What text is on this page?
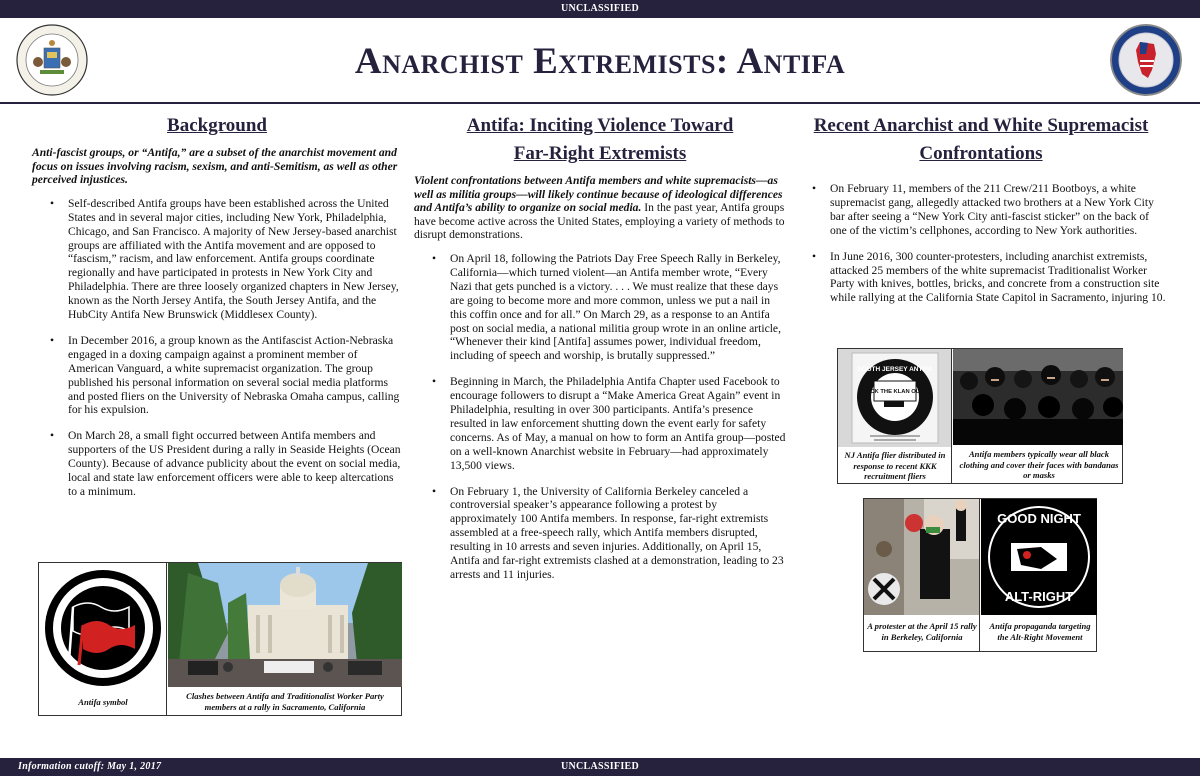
UNCLASSIFIED
Anarchist Extremists: Antifa
Background

Anti-fascist groups, or “Antifa,” are a subset of the anarchist movement and focus on issues involving racism, sexism, and anti-Semitism, as well as other perceived injustices.

• Self-described Antifa groups have been established across the United States and in several major cities, including New York, Philadelphia, Chicago, and San Francisco. A majority of New Jersey-based anarchist groups are affiliated with the Antifa movement and are opposed to “fascism,” racism, and law enforcement. Antifa groups coordinate regionally and have participated in protests in New York City and Philadelphia. There are three loosely organized chapters in New Jersey, known as the North Jersey Antifa, the South Jersey Antifa, and the HubCity Antifa New Brunswick (Middlesex County).
• In December 2016, a group known as the Antifascist Action-Nebraska engaged in a doxing campaign against a prominent member of American Vanguard, a white supremacist organization. The group published his personal information on several social media platforms and posted fliers on the University of Nebraska Omaha campus, calling for his expulsion.
• On March 28, a small fight occurred between Antifa members and supporters of the US President during a rally in Seaside Heights (Ocean County). Because of advance publicity about the event on social media, local and state law enforcement officers were able to keep altercations to a minimum.
Antifa symbol
Clashes between Antifa and Traditionalist Worker Party members at a rally in Sacramento, California
Antifa: Inciting Violence Toward
Far-Right Extremists

Violent confrontations between Antifa members and white supremacists—as well as militia groups—will likely continue because of ideological differences and Antifa’s ability to organize on social media. In the past year, Antifa groups have become active across the United States, employing a variety of methods to disrupt demonstrations.

• On April 18, following the Patriots Day Free Speech Rally in Berkeley, California—which turned violent—an Antifa member wrote, “Every Nazi that gets punched is a victory. . . . We must realize that these days are going to become more and more common, unless we put a nail in this coffin once and for all.” On March 29, as a response to an Antifa post on social media, a national militia group wrote in an online article, “Whenever their kind [Antifa] assumes power, individual freedom, including of speech and worship, is brutally suppressed.”
• Beginning in March, the Philadelphia Antifa Chapter used Facebook to encourage followers to disrupt a “Make America Great Again” event in Philadelphia, resulting in over 300 participants. Antifa’s presence resulted in law enforcement shutting down the event early for safety concerns. As of May, a manual on how to form an Antifa group—posted on a well-known Anarchist website in February—had approximately 13,500 views.
• On February 1, the University of California Berkeley canceled a controversial speaker’s appearance following a protest by approximately 100 Antifa members. In response, far-right extremists assembled at a free-speech rally, which Antifa members disrupted, resulting in 10 arrests and seven injuries. Additionally, on April 15, Antifa and far-right extremists clashed at a demonstration, leading to 23 arrests and 11 injuries.
Recent Anarchist and White Supremacist
Confrontations
• On February 11, members of the 211 Crew/211 Bootboys, a white supremacist gang, allegedly attacked two brothers at a New York City bar after seeing a “New York City anti-fascist sticker” on the back of one of the victim’s cellphones, according to New York authorities.
• In June 2016, 300 counter-protesters, including anarchist extremists, attacked 25 members of the white supremacist Traditionalist Worker Party with knives, bottles, bricks, and concrete from a construction site while rallying at the California State Capitol in Sacramento, injuring 10.
SOUTH JERSEY ANTIFA
KICK THE KLAN OUT!
NJ Antifa flier distributed in response to recent KKK recruitment fliers
Antifa members typically wear all black clothing and cover their faces with bandanas or masks
A protester at the April 15 rally in Berkeley, California
GOOD NIGHT
ALT-RIGHT
Antifa propaganda targeting the Alt-Right Movement
Information cutoff: May 1, 2017	UNCLASSIFIED
